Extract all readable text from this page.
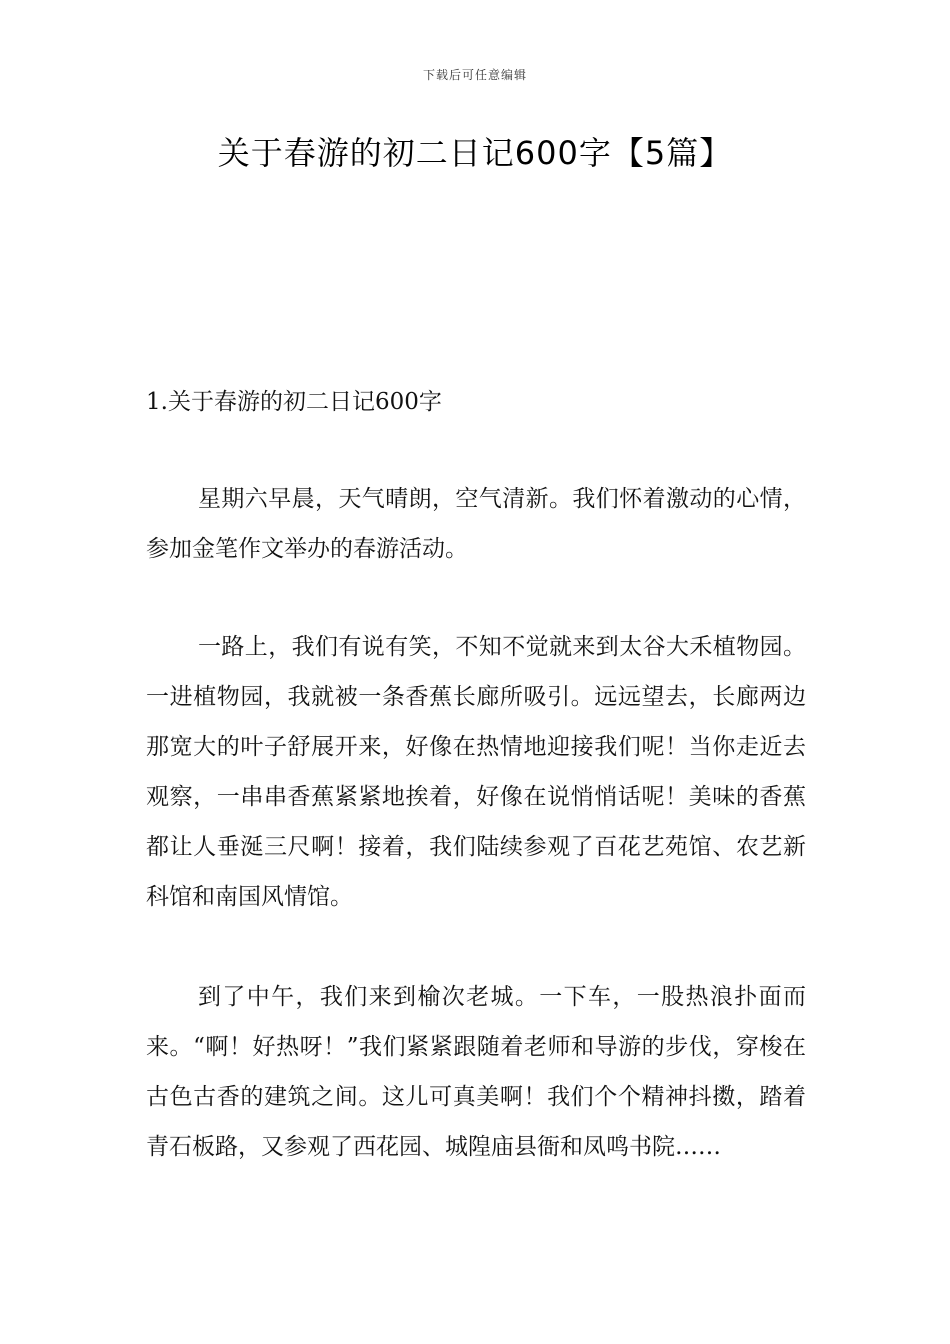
下载后可任意编辑
关于春游的初二日记600字【5篇】
1.关于春游的初二日记600字

星期六早晨，天气晴朗，空气清新。我们怀着激动的心情，参加金笔作文举办的春游活动。

一路上，我们有说有笑，不知不觉就来到太谷大禾植物园。一进植物园，我就被一条香蕉长廊所吸引。远远望去，长廊两边那宽大的叶子舒展开来，好像在热情地迎接我们呢！当你走近去观察，一串串香蕉紧紧地挨着，好像在说悄悄话呢！美味的香蕉都让人垂涎三尺啊！接着，我们陆续参观了百花艺苑馆、农艺新科馆和南国风情馆。

到了中午，我们来到榆次老城。一下车，一股热浪扑面而来。“啊！好热呀！”我们紧紧跟随着老师和导游的步伐，穿梭在古色古香的建筑之间。这儿可真美啊！我们个个精神抖擞，踏着青石板路，又参观了西花园、城隍庙县衙和凤鸣书院……
